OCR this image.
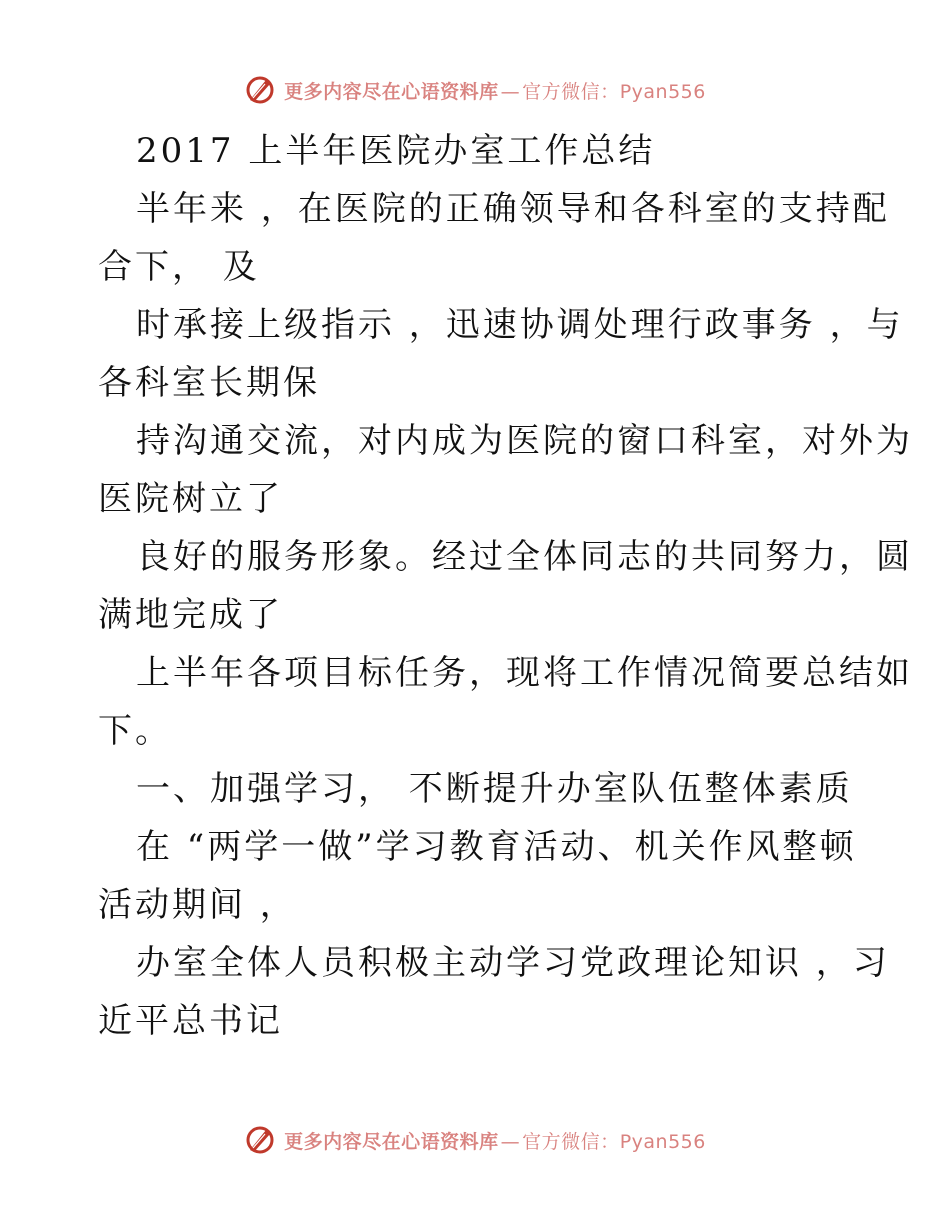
更多内容尽在心语资料库 — 官方微信：Pyan556
2017 上半年医院办室工作总结
半年来 ，在医院的正确领导和各科室的支持配
合下， 及
时承接上级指示 ，迅速协调处理行政事务 ，与
各科室长期保
持沟通交流，对内成为医院的窗口科室，对外为
医院树立了
良好的服务形象。经过全体同志的共同努力，圆
满地完成了
上半年各项目标任务，现将工作情况简要总结如
下。
一、加强学习， 不断提升办室队伍整体素质
在 “两学一做”学习教育活动、机关作风整顿
活动期间 ，
办室全体人员积极主动学习党政理论知识 ，习
近平总书记
更多内容尽在心语资料库 — 官方微信：Pyan556
